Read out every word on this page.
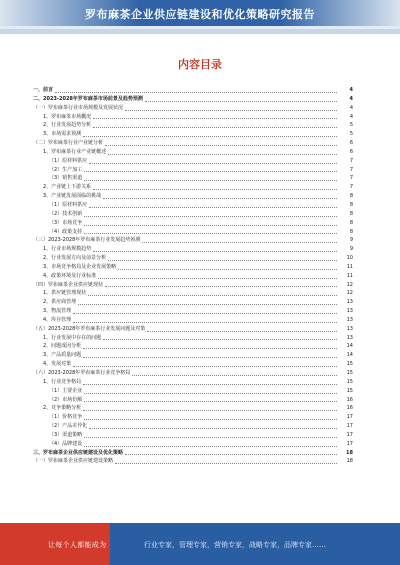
罗布麻茶企业供应链建设和优化策略研究报告
内容目录
一、前言	4
二、2023-2028年罗布麻茶市场前景及趋势预测	4
（一）罗布麻茶行业市场规模及发展状况	4
1、罗布麻茶市场概况	4
2、行业发展趋势分析	5
3、市场需求预测	5
（二）罗布麻茶行业产业链分析	6
1、罗布麻茶行业产业链概述	6
（1）原材料供应	7
（2）生产加工	7
（3）销售渠道	7
2、产业链上下游关系	7
3、产业链发展面临的挑战	8
（1）原材料供应	8
（2）技术创新	8
（3）市场竞争	8
（4）政策支持	8
（三）2023-2028年罗布麻茶行业发展趋势预测	9
1、行业市场规模趋势	9
2、行业发展方向及前景分析	10
3、市场竞争格局及企业发展策略	11
4、政策环境及行业标准	11
（四）罗布麻茶企业供应链现状	12
1、供应链管理现状	12
2、供应商管理	13
3、物流管理	13
4、库存管理	13
（五）2023-2028年罗布麻茶行业发展问题及对策	13
1、行业发展中存在的问题	13
2、问题成因分析	14
3、产品质量问题	14
4、发展对策	15
（六）2023-2028年罗布麻茶行业竞争格局	15
1、行业竞争格局	15
（1）主要企业	15
（2）市场份额	16
2、竞争策略分析	16
（1）价格竞争	17
（2）产品差异化	17
（3）渠道策略	17
（4）品牌建设	17
三、罗布麻茶企业供应链建设及优化策略	18
（一）罗布麻茶企业供应链建设策略	18
让每个人都能成为	行业专家，管理专家，营销专家，战略专家，品牌专家……
